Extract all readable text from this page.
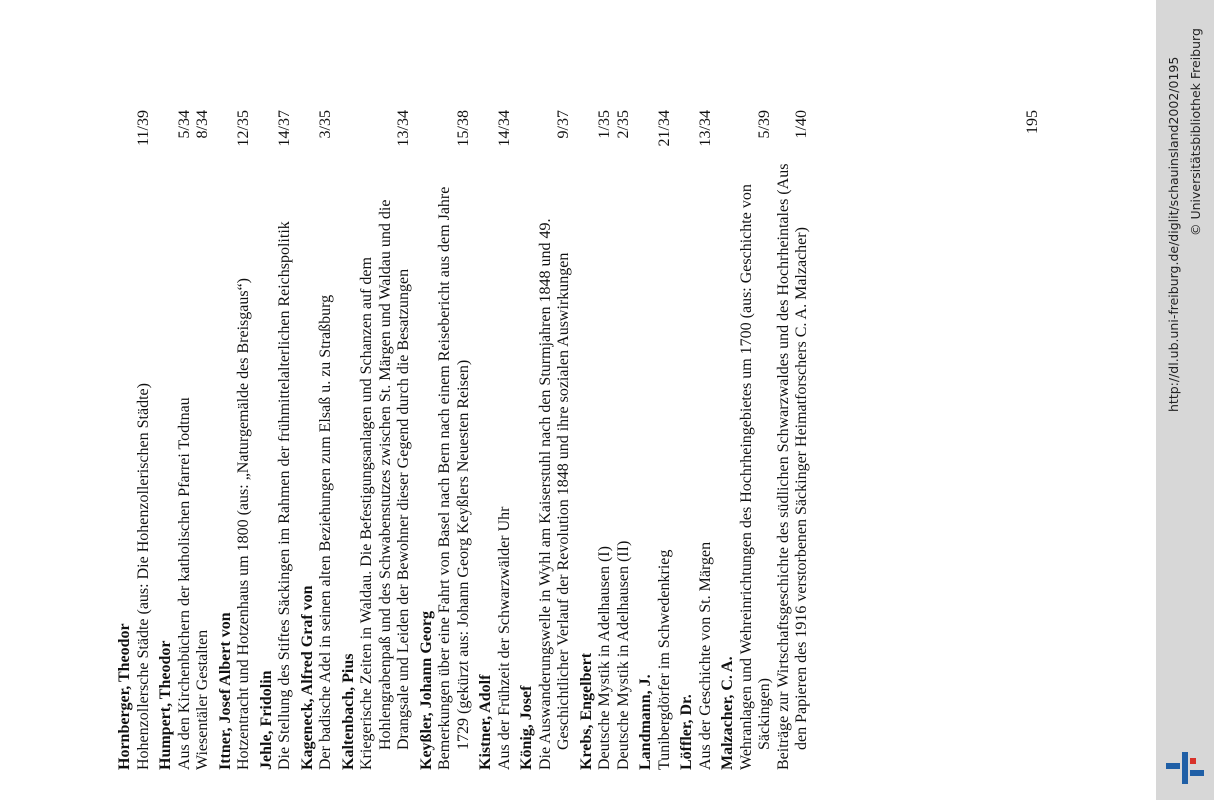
Hornberger, Theodor Hohenzollersche Städte (aus: Die Hohenzollerischen Städte)
11/39
Humpert, Theodor Aus den Kirchenbüchern der katholischen Pfarrei Todtnau
5/34
Wiesentäler Gestalten
8/34
Ittner, Josef Albert von Hotzentracht und Hotzenhaus um 1800 (aus: „Naturgemälde des Breisgaus“)
12/35
Jehle, Fridolin Die Stellung des Stiftes Säckingen im Rahmen der frühmittelalterlichen Reichspolitik
14/37
Kageneck, Alfred Graf von Der badische Adel in seinen alten Beziehungen zum Elsaß u. zu Straßburg
3/35
Kaltenbach, Pius Kriegerische Zeiten in Waldau. Die Befestigungsanlagen und Schanzen auf dem Hohlengrabenpaß und des Schwabenstutzes zwischen St. Märgen und Waldau und die Drangsale und Leiden der Bewohner dieser Gegend durch die Besatzungen
13/34
Keyßler, Johann Georg Bemerkungen über eine Fahrt von Basel nach Bern nach einem Reisebericht aus dem Jahre 1729 (gekürzt aus: Johann Georg Keyßlers Neuesten Reisen)
15/38
Kistner, Adolf Aus der Frühzeit der Schwarzwälder Uhr
14/34
König, Josef Die Auswanderungswelle in Wyhl am Kaiserstuhl nach den Sturmjahren 1848 und 49. Geschichtlicher Verlauf der Revolution 1848 und ihre sozialen Auswirkungen
9/37
Krebs, Engelbert Deutsche Mystik in Adelhausen (I)
1/35
Deutsche Mystik in Adelhausen (II)
2/35
Landmann, J. Tunibergdörfer im Schwedenkrieg
21/34
Löffler, Dr. Aus der Geschichte von St. Märgen
13/34
Malzacher, C. A. Wehranlagen und Wehreinrichtungen des Hochrheingebietes um 1700 (aus: Geschichte von Säckingen)
5/39
Beiträge zur Wirtschaftsgeschichte des südlichen Schwarzwaldes und des Hochrheintales (Aus den Papieren des 1916 verstorbenen Säckinger Heimatforschers C. A. Malzacher)
1/40	195	http://dl.ub.uni-freiburg.de/diglit/schauinsland2002/0195 © Universitätsbibliothek Freiburg
